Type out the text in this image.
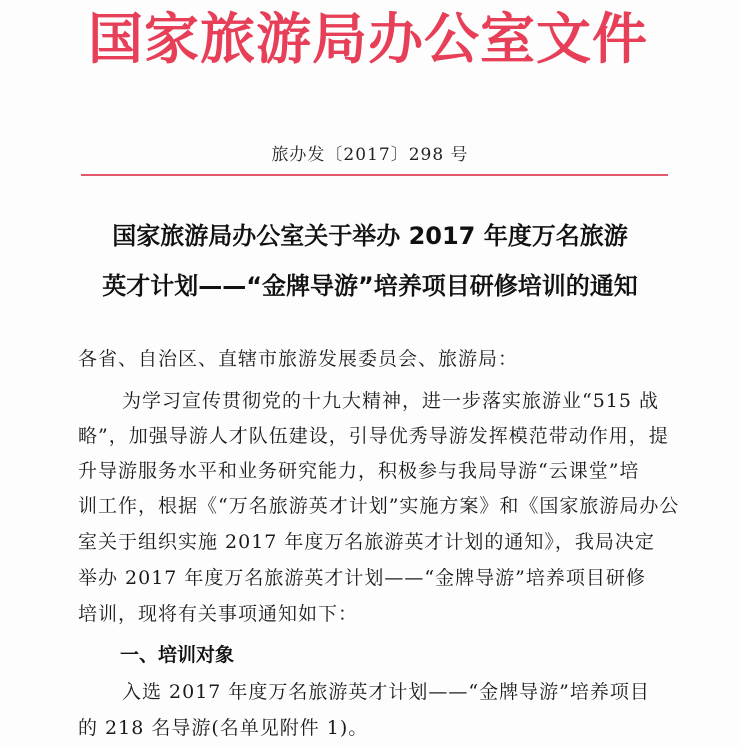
国家旅游局办公室文件
旅办发〔2017〕298 号
国家旅游局办公室关于举办 2017 年度万名旅游
英才计划——“金牌导游”培养项目研修培训的通知
各省、自治区、直辖市旅游发展委员会、旅游局：
为学习宣传贯彻党的十九大精神，进一步落实旅游业“515 战
略”，加强导游人才队伍建设，引导优秀导游发挥模范带动作用，提
升导游服务水平和业务研究能力，积极参与我局导游“云课堂”培
训工作，根据《“万名旅游英才计划”实施方案》和《国家旅游局办公
室关于组织实施 2017 年度万名旅游英才计划的通知》，我局决定
举办 2017 年度万名旅游英才计划——“金牌导游”培养项目研修
培训，现将有关事项通知如下：
一、培训对象
入选 2017 年度万名旅游英才计划——“金牌导游”培养项目
的 218 名导游(名单见附件 1)。
